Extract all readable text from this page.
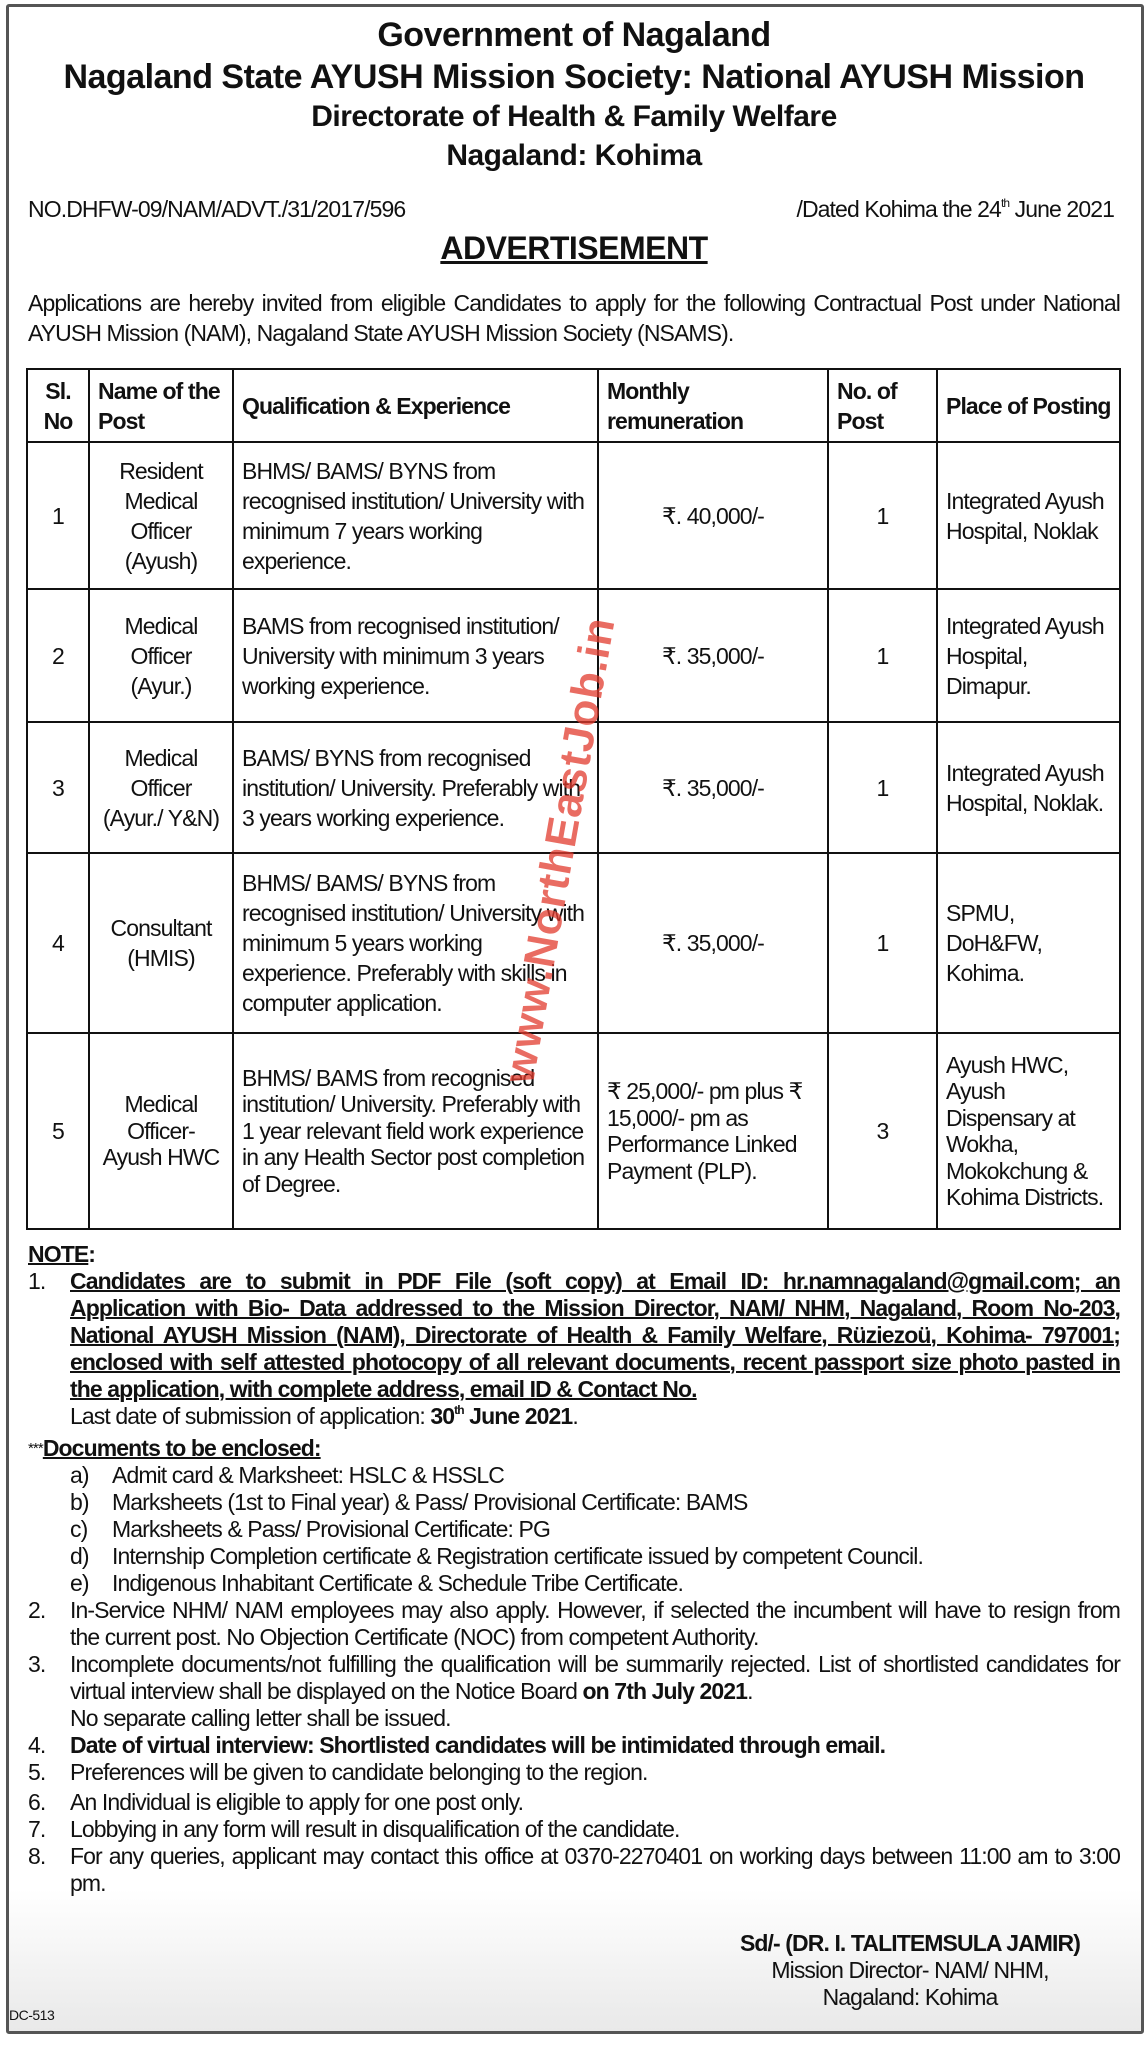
Government of Nagaland
Nagaland State AYUSH Mission Society: National AYUSH Mission
Directorate of Health & Family Welfare
Nagaland: Kohima
NO.DHFW-09/NAM/ADVT./31/2017/596	/Dated Kohima the 24th June 2021
ADVERTISEMENT
Applications are hereby invited from eligible Candidates to apply for the following Contractual Post under National AYUSH Mission (NAM), Nagaland State AYUSH Mission Society (NSAMS).
Sl. No	Name of the Post	Qualification & Experience	Monthly remuneration	No. of Post	Place of Posting
1	Resident Medical Officer (Ayush)	BHMS/ BAMS/ BYNS from recognised institution/ University with minimum 7 years working experience.	₹. 40,000/-	1	Integrated Ayush Hospital, Noklak
2	Medical Officer (Ayur.)	BAMS from recognised institution/ University with minimum 3 years working experience.	₹. 35,000/-	1	Integrated Ayush Hospital, Dimapur.
3	Medical Officer (Ayur./ Y&N)	BAMS/ BYNS from recognised institution/ University. Preferably with 3 years working experience.	₹. 35,000/-	1	Integrated Ayush Hospital, Noklak.
4	Consultant (HMIS)	BHMS/ BAMS/ BYNS from recognised institution/ University with minimum 5 years working experience. Preferably with skills in computer application.	₹. 35,000/-	1	SPMU, DoH&FW, Kohima.
5	Medical Officer- Ayush HWC	BHMS/ BAMS from recognised institution/ University. Preferably with 1 year relevant field work experience in any Health Sector post completion of Degree.	₹ 25,000/- pm plus ₹ 15,000/- pm as Performance Linked Payment (PLP).	3	Ayush HWC, Ayush Dispensary at Wokha, Mokokchung & Kohima Districts.
www.NorthEastJob.in
NOTE:
1.	Candidates are to submit in PDF File (soft copy) at Email ID: hr.namnagaland@gmail.com; an Application with Bio- Data addressed to the Mission Director, NAM/ NHM, Nagaland, Room No-203, National AYUSH Mission (NAM), Directorate of Health & Family Welfare, Rüziezoü, Kohima- 797001; enclosed with self attested photocopy of all relevant documents, recent passport size photo pasted in the application, with complete address, email ID & Contact No.
Last date of submission of application: 30th June 2021.
***Documents to be enclosed:
a)	Admit card & Marksheet: HSLC & HSSLC
b)	Marksheets (1st to Final year) & Pass/ Provisional Certificate: BAMS
c)	Marksheets & Pass/ Provisional Certificate: PG
d)	Internship Completion certificate & Registration certificate issued by competent Council.
e)	Indigenous Inhabitant Certificate & Schedule Tribe Certificate.
2.	In-Service NHM/ NAM employees may also apply. However, if selected the incumbent will have to resign from the current post. No Objection Certificate (NOC) from competent Authority.
3.	Incomplete documents/not fulfilling the qualification will be summarily rejected. List of shortlisted candidates for virtual interview shall be displayed on the Notice Board on 7th July 2021.
No separate calling letter shall be issued.
4.	Date of virtual interview: Shortlisted candidates will be intimidated through email.
5.	Preferences will be given to candidate belonging to the region.
6.	An Individual is eligible to apply for one post only.
7.	Lobbying in any form will result in disqualification of the candidate.
8.	For any queries, applicant may contact this office at 0370-2270401 on working days between 11:00 am to 3:00 pm.
Sd/- (DR. I. TALITEMSULA JAMIR)
Mission Director- NAM/ NHM,
Nagaland: Kohima
DC-513
